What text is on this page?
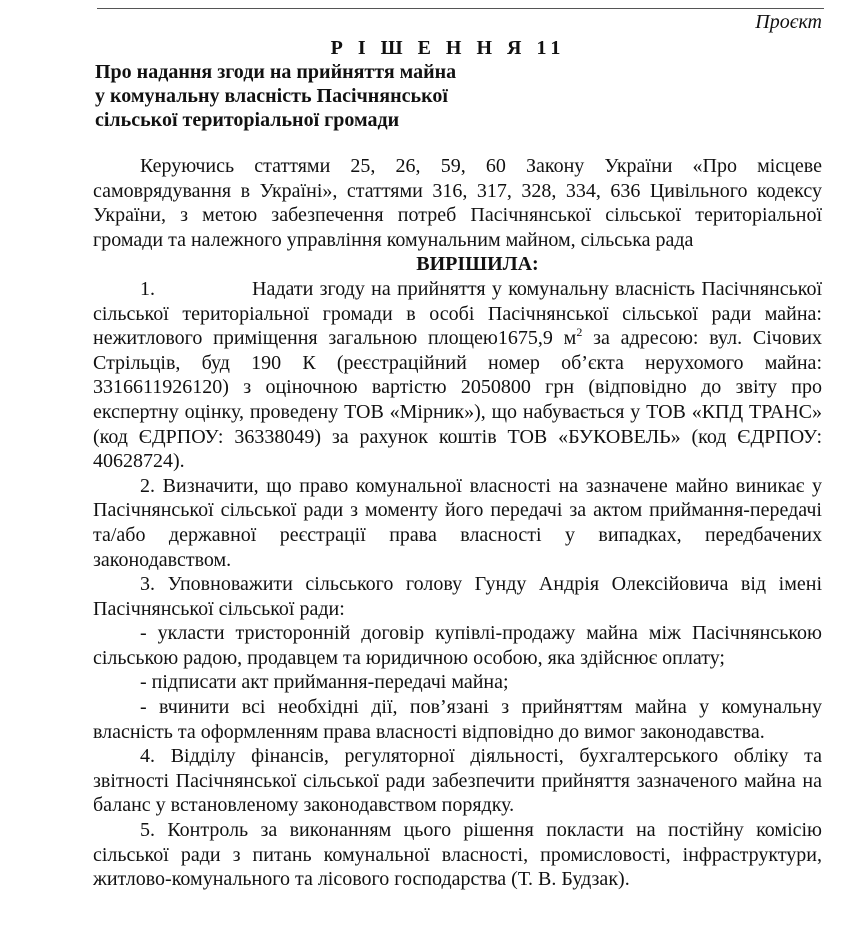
Проєкт
Р І Ш Е Н Н Я 11
Про надання згоди на прийняття майна
у комунальну власність Пасічнянської
сільської територіальної громади

Керуючись статтями 25, 26, 59, 60 Закону України «Про місцеве самоврядування в Україні», статтями 316, 317, 328, 334, 636 Цивільного кодексу України, з метою забезпечення потреб Пасічнянської сільської територіальної громади та належного управління комунальним майном, сільська рада

ВИРІШИЛА:

1.	Надати згоду на прийняття у комунальну власність Пасічнянської сільської територіальної громади в особі Пасічнянської сільської ради майна: нежитлового приміщення загальною площею1675,9 $м^2$ за адресою: вул. Січових Стрільців, буд 190 К (реєстраційний номер об’єкта нерухомого майна: 3316611926120) з оціночною вартістю 2050800 грн (відповідно до звіту про експертну оцінку, проведену ТОВ «Мірник»), що набувається у ТОВ «КПД ТРАНС» (код ЄДРПОУ: 36338049) за рахунок коштів ТОВ «БУКОВЕЛЬ» (код ЄДРПОУ: 40628724).

2. Визначити, що право комунальної власності на зазначене майно виникає у Пасічнянської сільської ради з моменту його передачі за актом приймання-передачі та/або державної реєстрації права власності у випадках, передбачених законодавством.

3. Уповноважити сільського голову Гунду Андрія Олексійовича від імені Пасічнянської сільської ради:

- укласти тристоронній договір купівлі-продажу майна між Пасічнянською сільською радою, продавцем та юридичною особою, яка здійснює оплату;

- підписати акт приймання-передачі майна;

- вчинити всі необхідні дії, пов’язані з прийняттям майна у комунальну власність та оформленням права власності відповідно до вимог законодавства.

4. Відділу фінансів, регуляторної діяльності, бухгалтерського обліку та звітності Пасічнянської сільської ради забезпечити прийняття зазначеного майна на баланс у встановленому законодавством порядку.

5. Контроль за виконанням цього рішення покласти на постійну комісію сільської ради з питань комунальної власності, промисловості, інфраструктури, житлово-комунального та лісового господарства (Т. В. Будзак).
